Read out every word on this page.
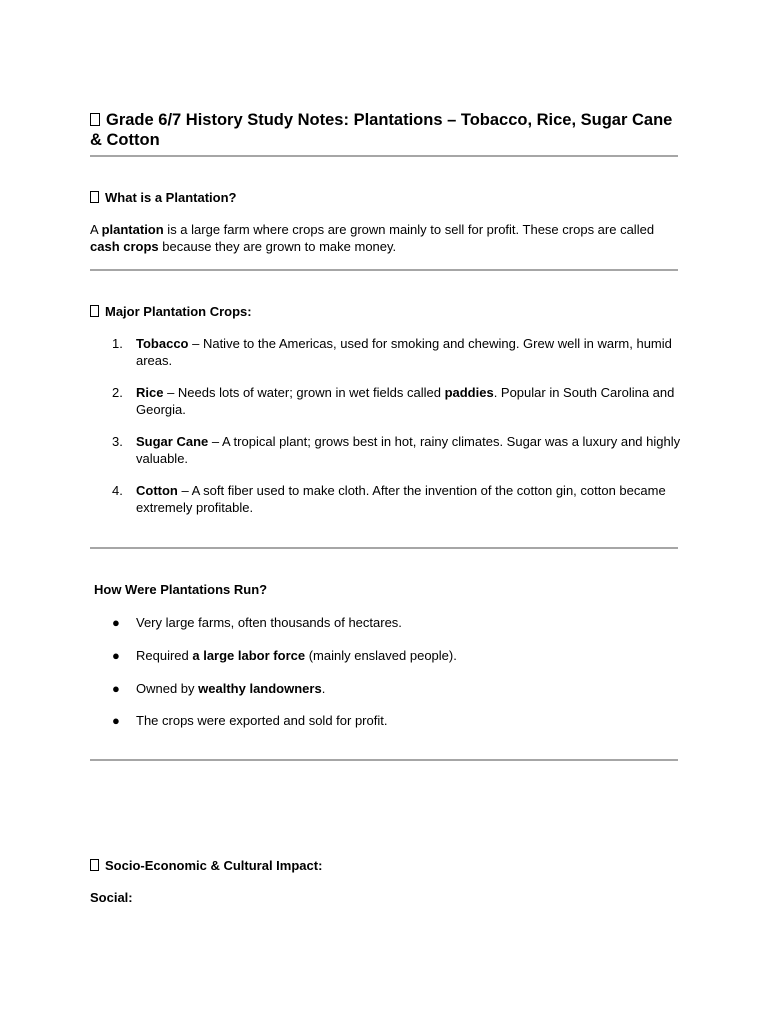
Grade 6/7 History Study Notes: Plantations – Tobacco, Rice, Sugar Cane & Cotton
What is a Plantation?
A plantation is a large farm where crops are grown mainly to sell for profit. These crops are called cash crops because they are grown to make money.
Major Plantation Crops:
1.	Tobacco – Native to the Americas, used for smoking and chewing. Grew well in warm, humid areas.
2.	Rice – Needs lots of water; grown in wet fields called paddies. Popular in South Carolina and Georgia.
3.	Sugar Cane – A tropical plant; grows best in hot, rainy climates. Sugar was a luxury and highly valuable.
4.	Cotton – A soft fiber used to make cloth. After the invention of the cotton gin, cotton became extremely profitable.
How Were Plantations Run?
●	Very large farms, often thousands of hectares.
●	Required a large labor force (mainly enslaved people).
●	Owned by wealthy landowners.
●	The crops were exported and sold for profit.
Socio-Economic & Cultural Impact:
Social:
